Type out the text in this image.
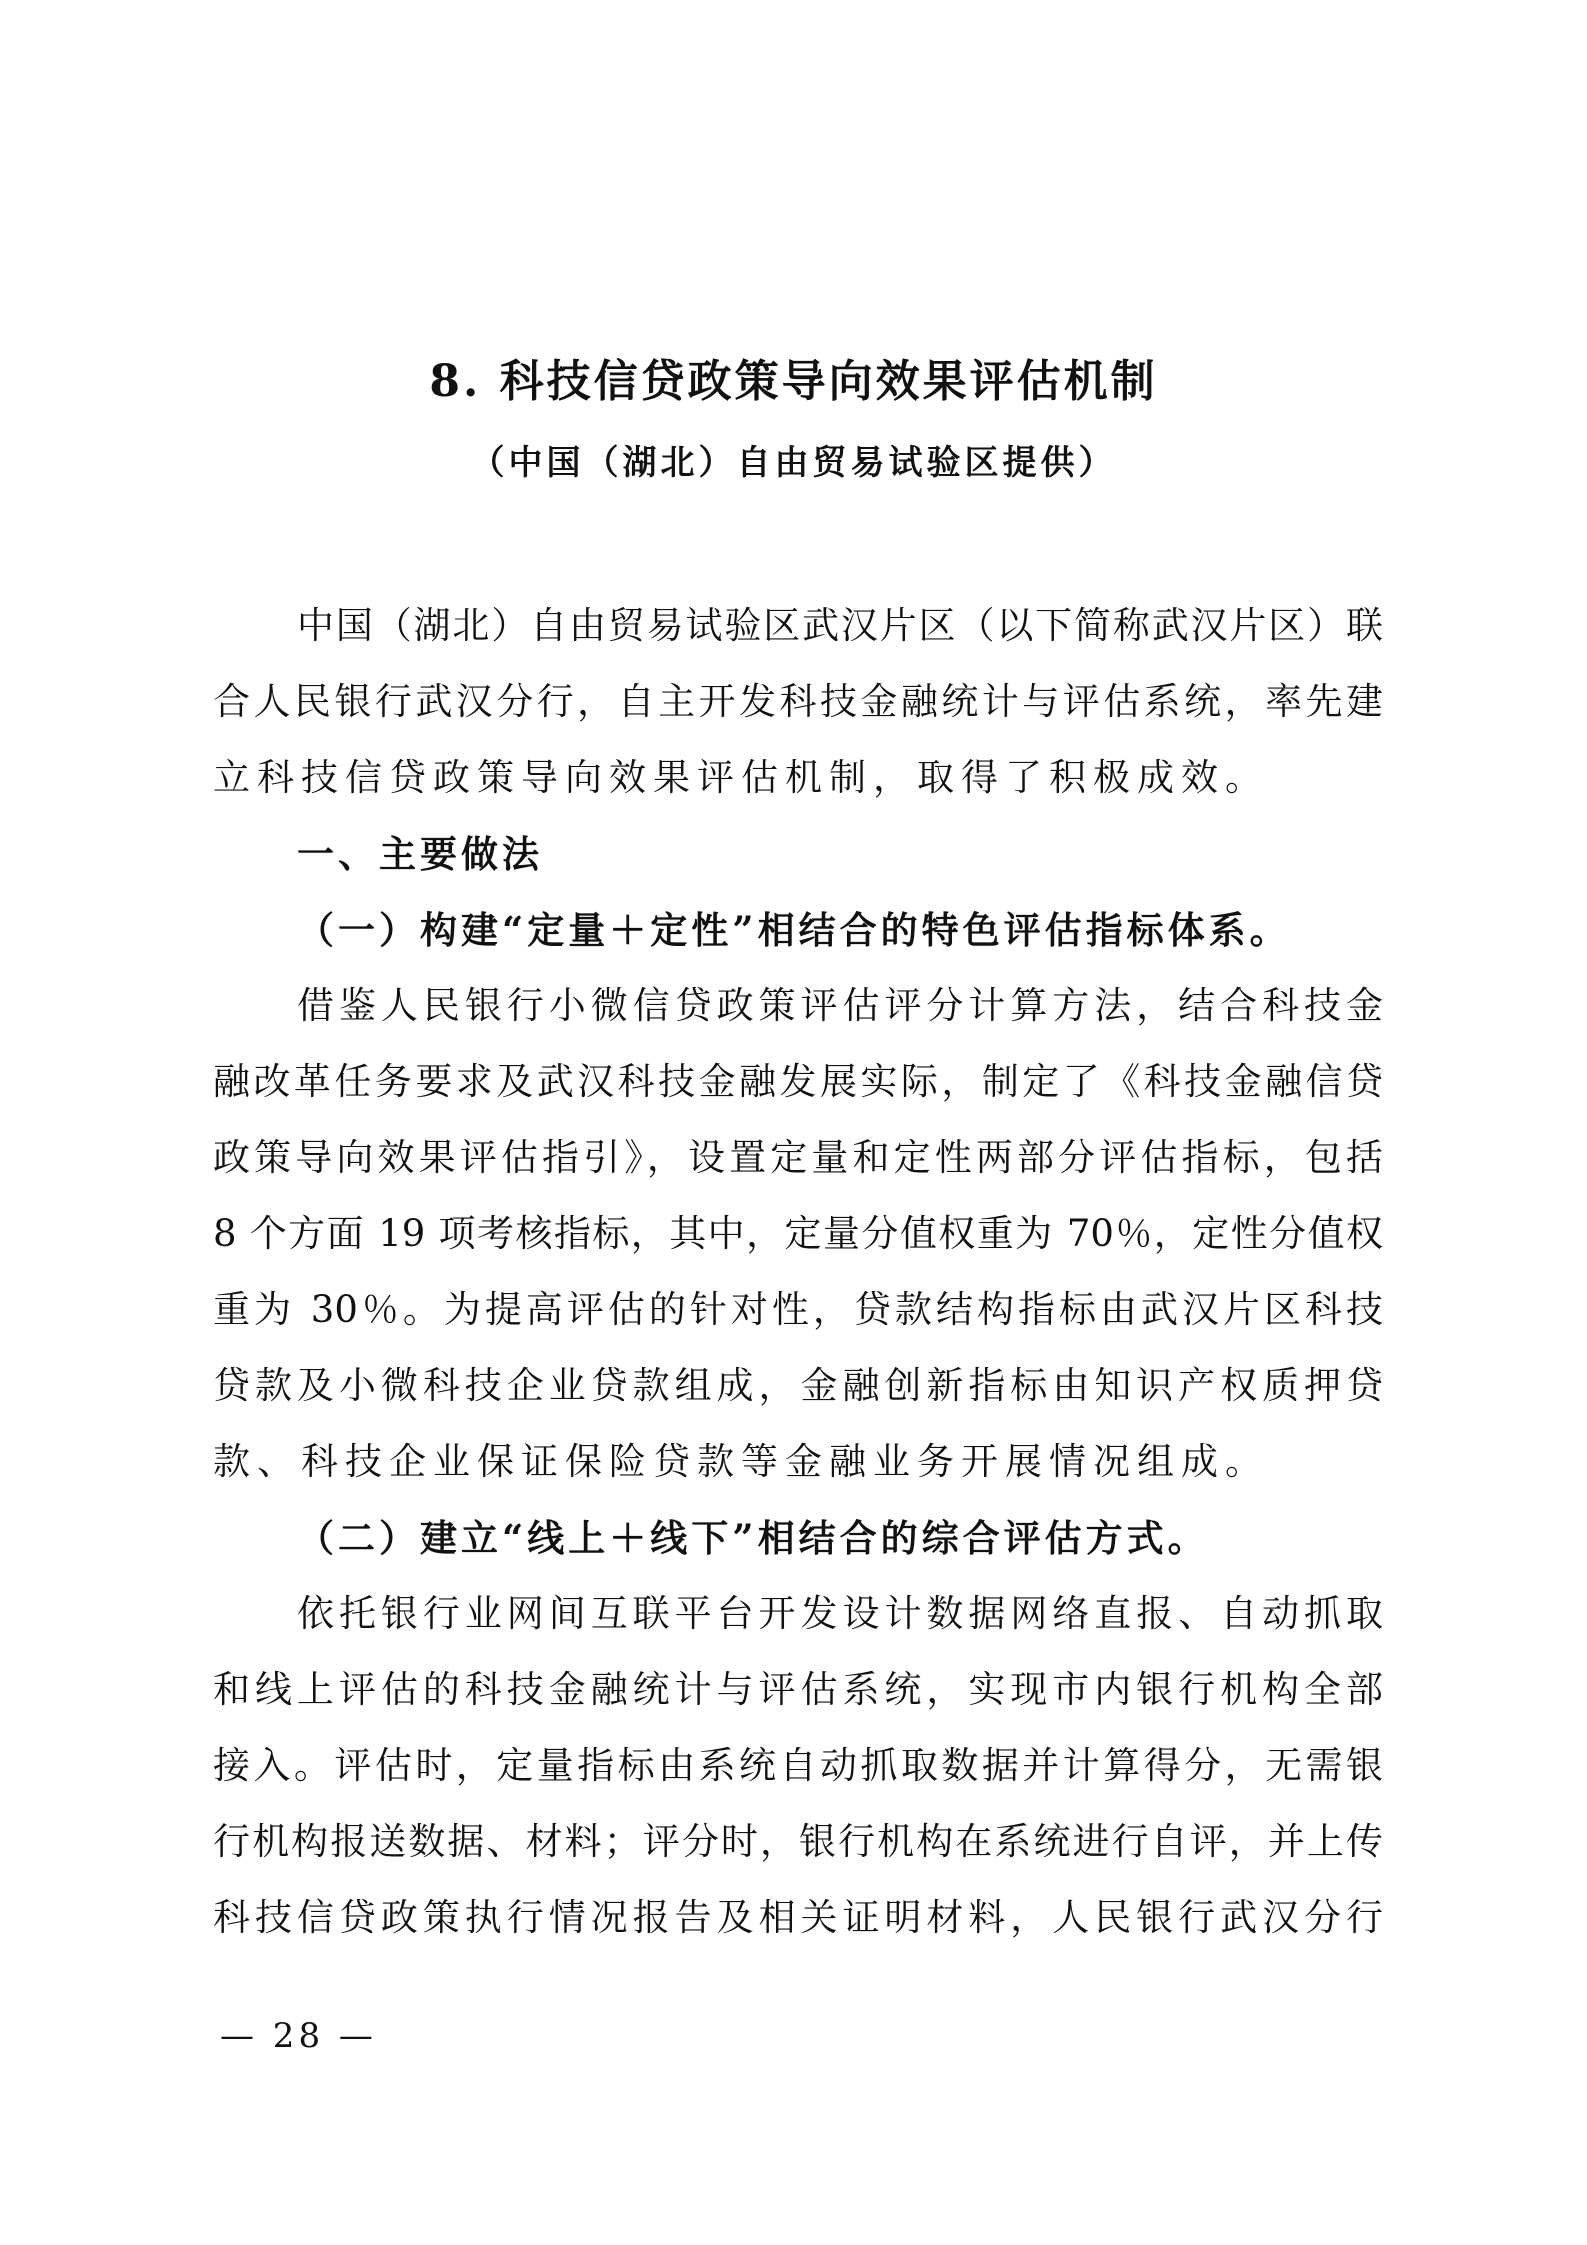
8. 科技信贷政策导向效果评估机制
（中国（湖北）自由贸易试验区提供）
中国（湖北）自由贸易试验区武汉片区（以下简称武汉片区）联
合人民银行武汉分行，自主开发科技金融统计与评估系统，率先建
立科技信贷政策导向效果评估机制，取得了积极成效。
一、主要做法
（一）构建“定量＋定性”相结合的特色评估指标体系。
借鉴人民银行小微信贷政策评估评分计算方法，结合科技金
融改革任务要求及武汉科技金融发展实际，制定了《科技金融信贷
政策导向效果评估指引》，设置定量和定性两部分评估指标，包括
8 个方面 19 项考核指标，其中，定量分值权重为 70％，定性分值权
重为 30％。为提高评估的针对性，贷款结构指标由武汉片区科技
贷款及小微科技企业贷款组成，金融创新指标由知识产权质押贷
款、科技企业保证保险贷款等金融业务开展情况组成。
（二）建立“线上＋线下”相结合的综合评估方式。
依托银行业网间互联平台开发设计数据网络直报、自动抓取
和线上评估的科技金融统计与评估系统，实现市内银行机构全部
接入。评估时，定量指标由系统自动抓取数据并计算得分，无需银
行机构报送数据、材料；评分时，银行机构在系统进行自评，并上传
科技信贷政策执行情况报告及相关证明材料，人民银行武汉分行
— 28 —
